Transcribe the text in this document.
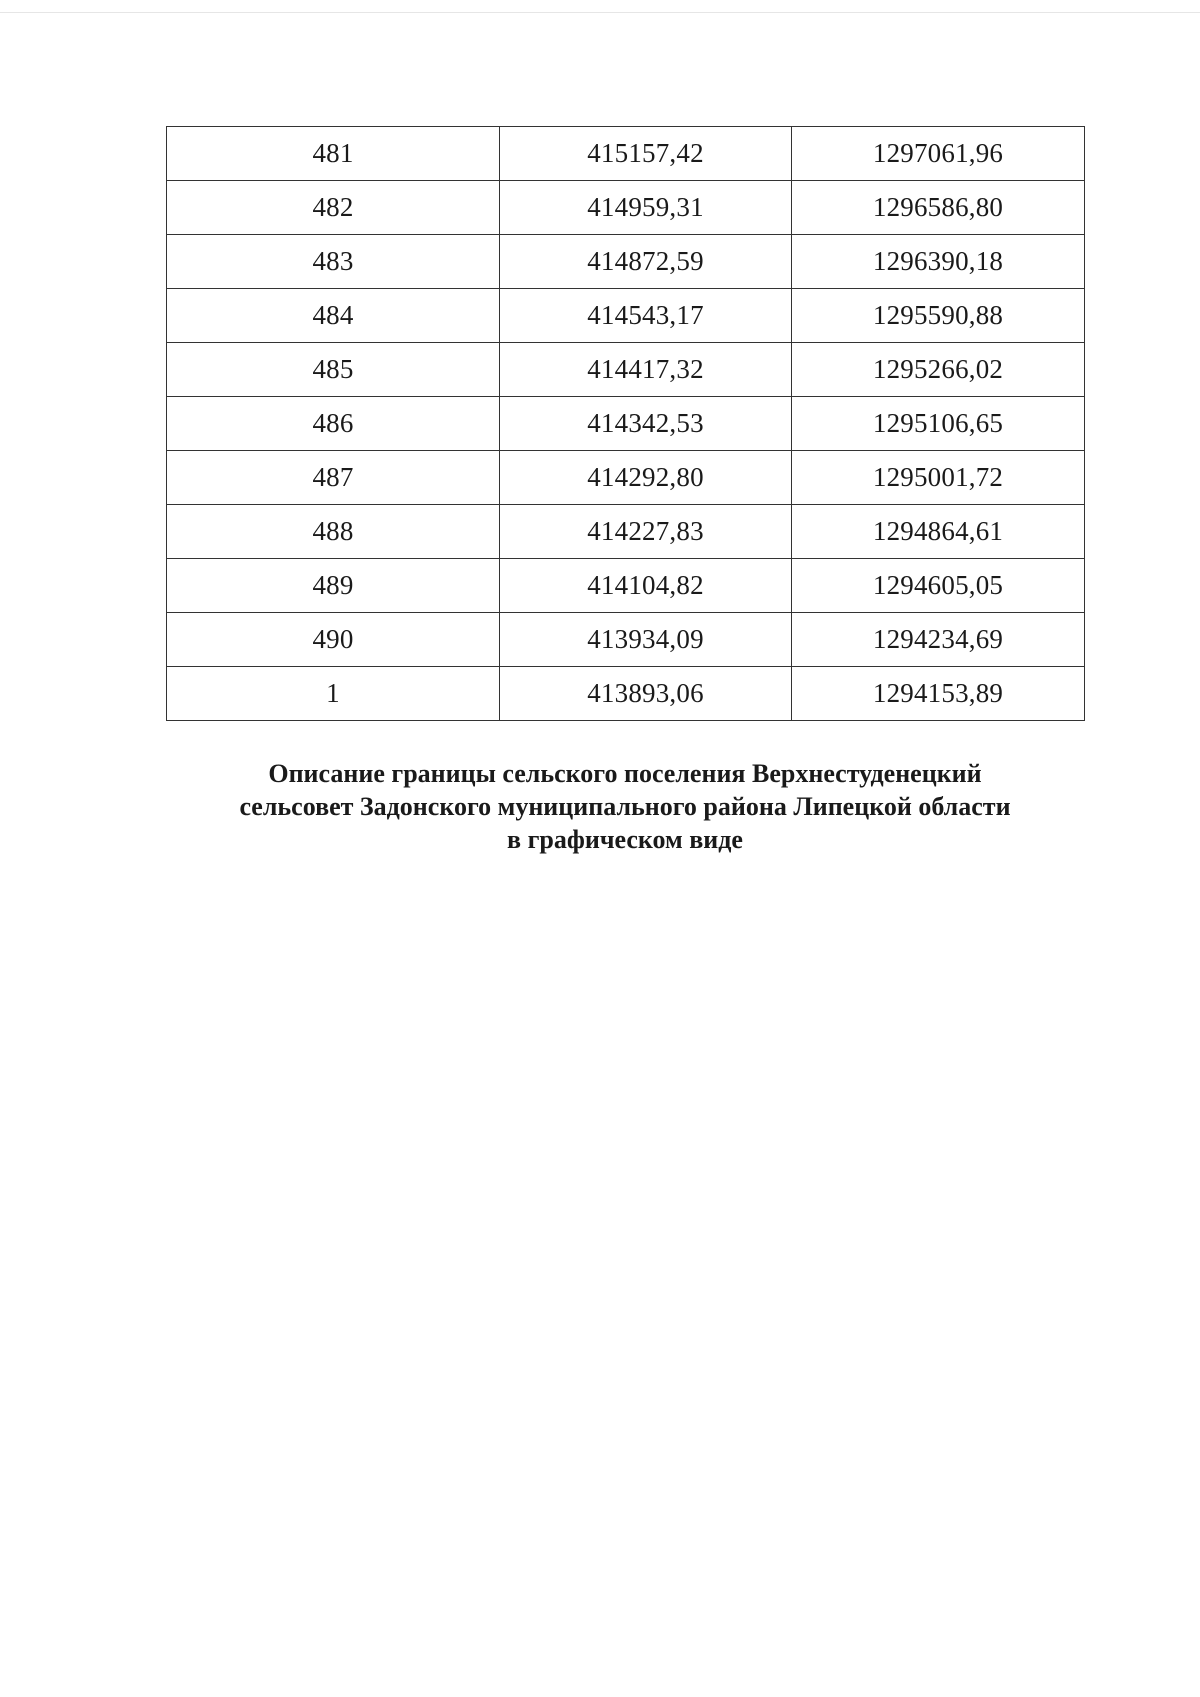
481	415157,42	1297061,96
482	414959,31	1296586,80
483	414872,59	1296390,18
484	414543,17	1295590,88
485	414417,32	1295266,02
486	414342,53	1295106,65
487	414292,80	1295001,72
488	414227,83	1294864,61
489	414104,82	1294605,05
490	413934,09	1294234,69
1	413893,06	1294153,89
Описание границы сельского поселения Верхнестуденецкий
сельсовет Задонского муниципального района Липецкой области
в графическом виде
